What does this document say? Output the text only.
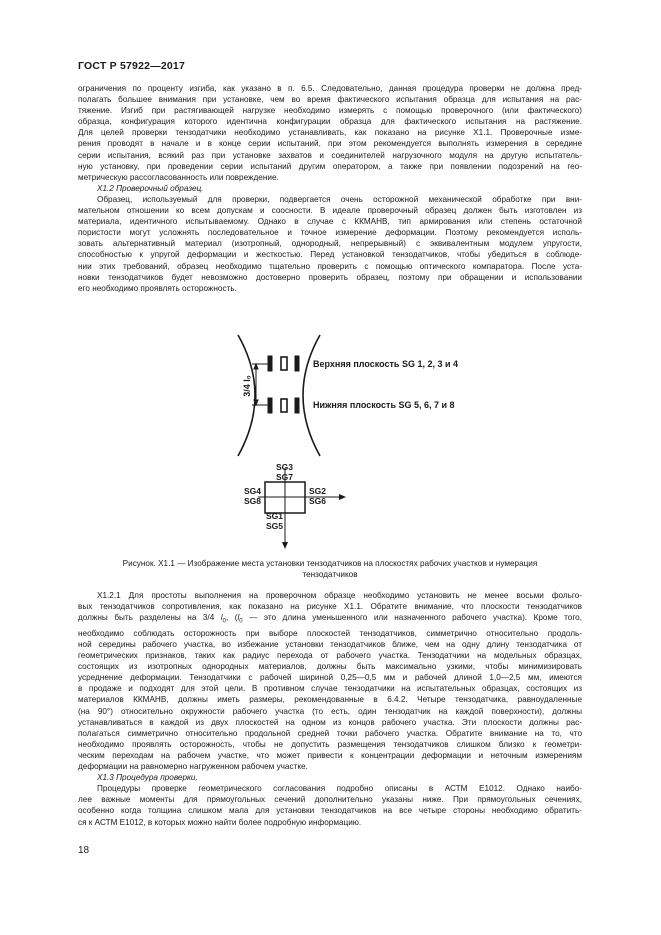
ГОСТ Р 57922—2017

ограничения по проценту изгиба, как указано в п. 6.5. Следовательно, данная процедура проверки не должна пред-

полагать большее внимания при установке, чем во время фактического испытания образца для испытания на рас-

тяжение. Изгиб при растягивающей нагрузке необходимо измерять с помощью проверочного (или фактического)

образца, конфигурация которого идентична конфигурации образца для фактического испытания на растяжение.

Для целей проверки тензодатчики необходимо устанавливать, как показано на рисунке X1.1. Проверочные изме-

рения проводят в начале и в конце серии испытаний, при этом рекомендуется выполнять измерения в середине

серии испытания, всякий раз при установке захватов и соединителей нагрузочного модуля на другую испытатель-

ную установку, при проведении серии испытаний другим оператором, а также при появлении подозрений на гео-

метрическую рассогласованность или повреждение.

X1.2 Проверочный образец.

Образец, используемый для проверки, подвергается очень осторожной механической обработке при вни-

мательном отношении ко всем допускам и соосности. В идеале проверочный образец должен быть изготовлен из

материала, идентичного испытываемому. Однако в случае с ККМАНВ, тип армирования или степень остаточной

пористости могут усложнять последовательное и точное измерение деформации. Поэтому рекомендуется исполь-

зовать альтернативный материал (изотропный, однородный, непрерывный) с эквивалентным модулем упругости,

способностью к упругой деформации и жесткостью. Перед установкой тензодатчиков, чтобы убедиться в соблюде-

нии этих требований, образец необходимо тщательно проверить с помощью оптического компаратора. После уста-

новки тензодатчиков будет невозможно достоверно проверить образец, поэтому при обращении и использовании

его необходимо проявлять осторожность.

3/4 l₀
Верхняя плоскость SG 1, 2, 3 и 4
Нижняя плоскость SG 5, 6, 7 и 8
SG3
SG7
SG4
SG8
SG2
SG6
SG1
SG5
Рисунок. X1.1 — Изображение места установки тензодатчиков на плоскостях рабочих участков и нумерация
тензодатчиков

X1.2.1 Для простоты выполнения на проверочном образце необходимо установить не менее восьми фольго-

вых тензодатчиков сопротивления, как показано на рисунке X1.1. Обратите внимание, что плоскости тензодатчиков

должны быть разделены на 3/4 $l_0$, ($l_0$ — это длина уменьшенного или назначенного рабочего участка). Кроме того,

необходимо соблюдать осторожность при выборе плоскостей тензодатчиков, симметрично относительно продоль-

ной середины рабочего участка, во избежание установки тензодатчиков ближе, чем на одну длину тензодатчика от

геометрических признаков, таких как радиус перехода от рабочего участка. Тензодатчики на модельных образцах,

состоящих из изотропных однородных материалов, должны быть максимально узкими, чтобы минимизировать

усреднение деформации. Тензодатчики с рабочей шириной 0,25—0,5 мм и рабочей длиной 1,0—2,5 мм, имеются

в продаже и подходят для этой цели. В противном случае тензодатчики на испытательных образцах, состоящих из

материалов ККМАНВ, должны иметь размеры, рекомендованные в 6.4.2. Четыре тензодатчика, равноудаленные

(на 90°) относительно окружности рабочего участка (то есть, один тензодатчик на каждой поверхности), должны

устанавливаться в каждой из двух плоскостей на одном из концов рабочего участка. Эти плоскости должны рас-

полагаться симметрично относительно продольной средней точки рабочего участка. Обратите внимание на то, что

необходимо проявлять осторожность, чтобы не допустить размещения тензодатчиков слишком близко к геометри-

ческим переходам на рабочем участке, что может привести к концентрации деформации и неточным измерениям

деформации на равномерно нагруженном рабочем участке.

X1.3 Процедура проверки.

Процедуры проверке геометрического согласования подробно описаны в АСТМ Е1012. Однако наибо-

лее важные моменты для прямоугольных сечений дополнительно указаны ниже. При прямоугольных сечениях,

особенно когда толщина слишком мала для установки тензодатчиков на все четыре стороны необходимо обратить-

ся к АСТМ Е1012, в которых можно найти более подробную информацию.

18
